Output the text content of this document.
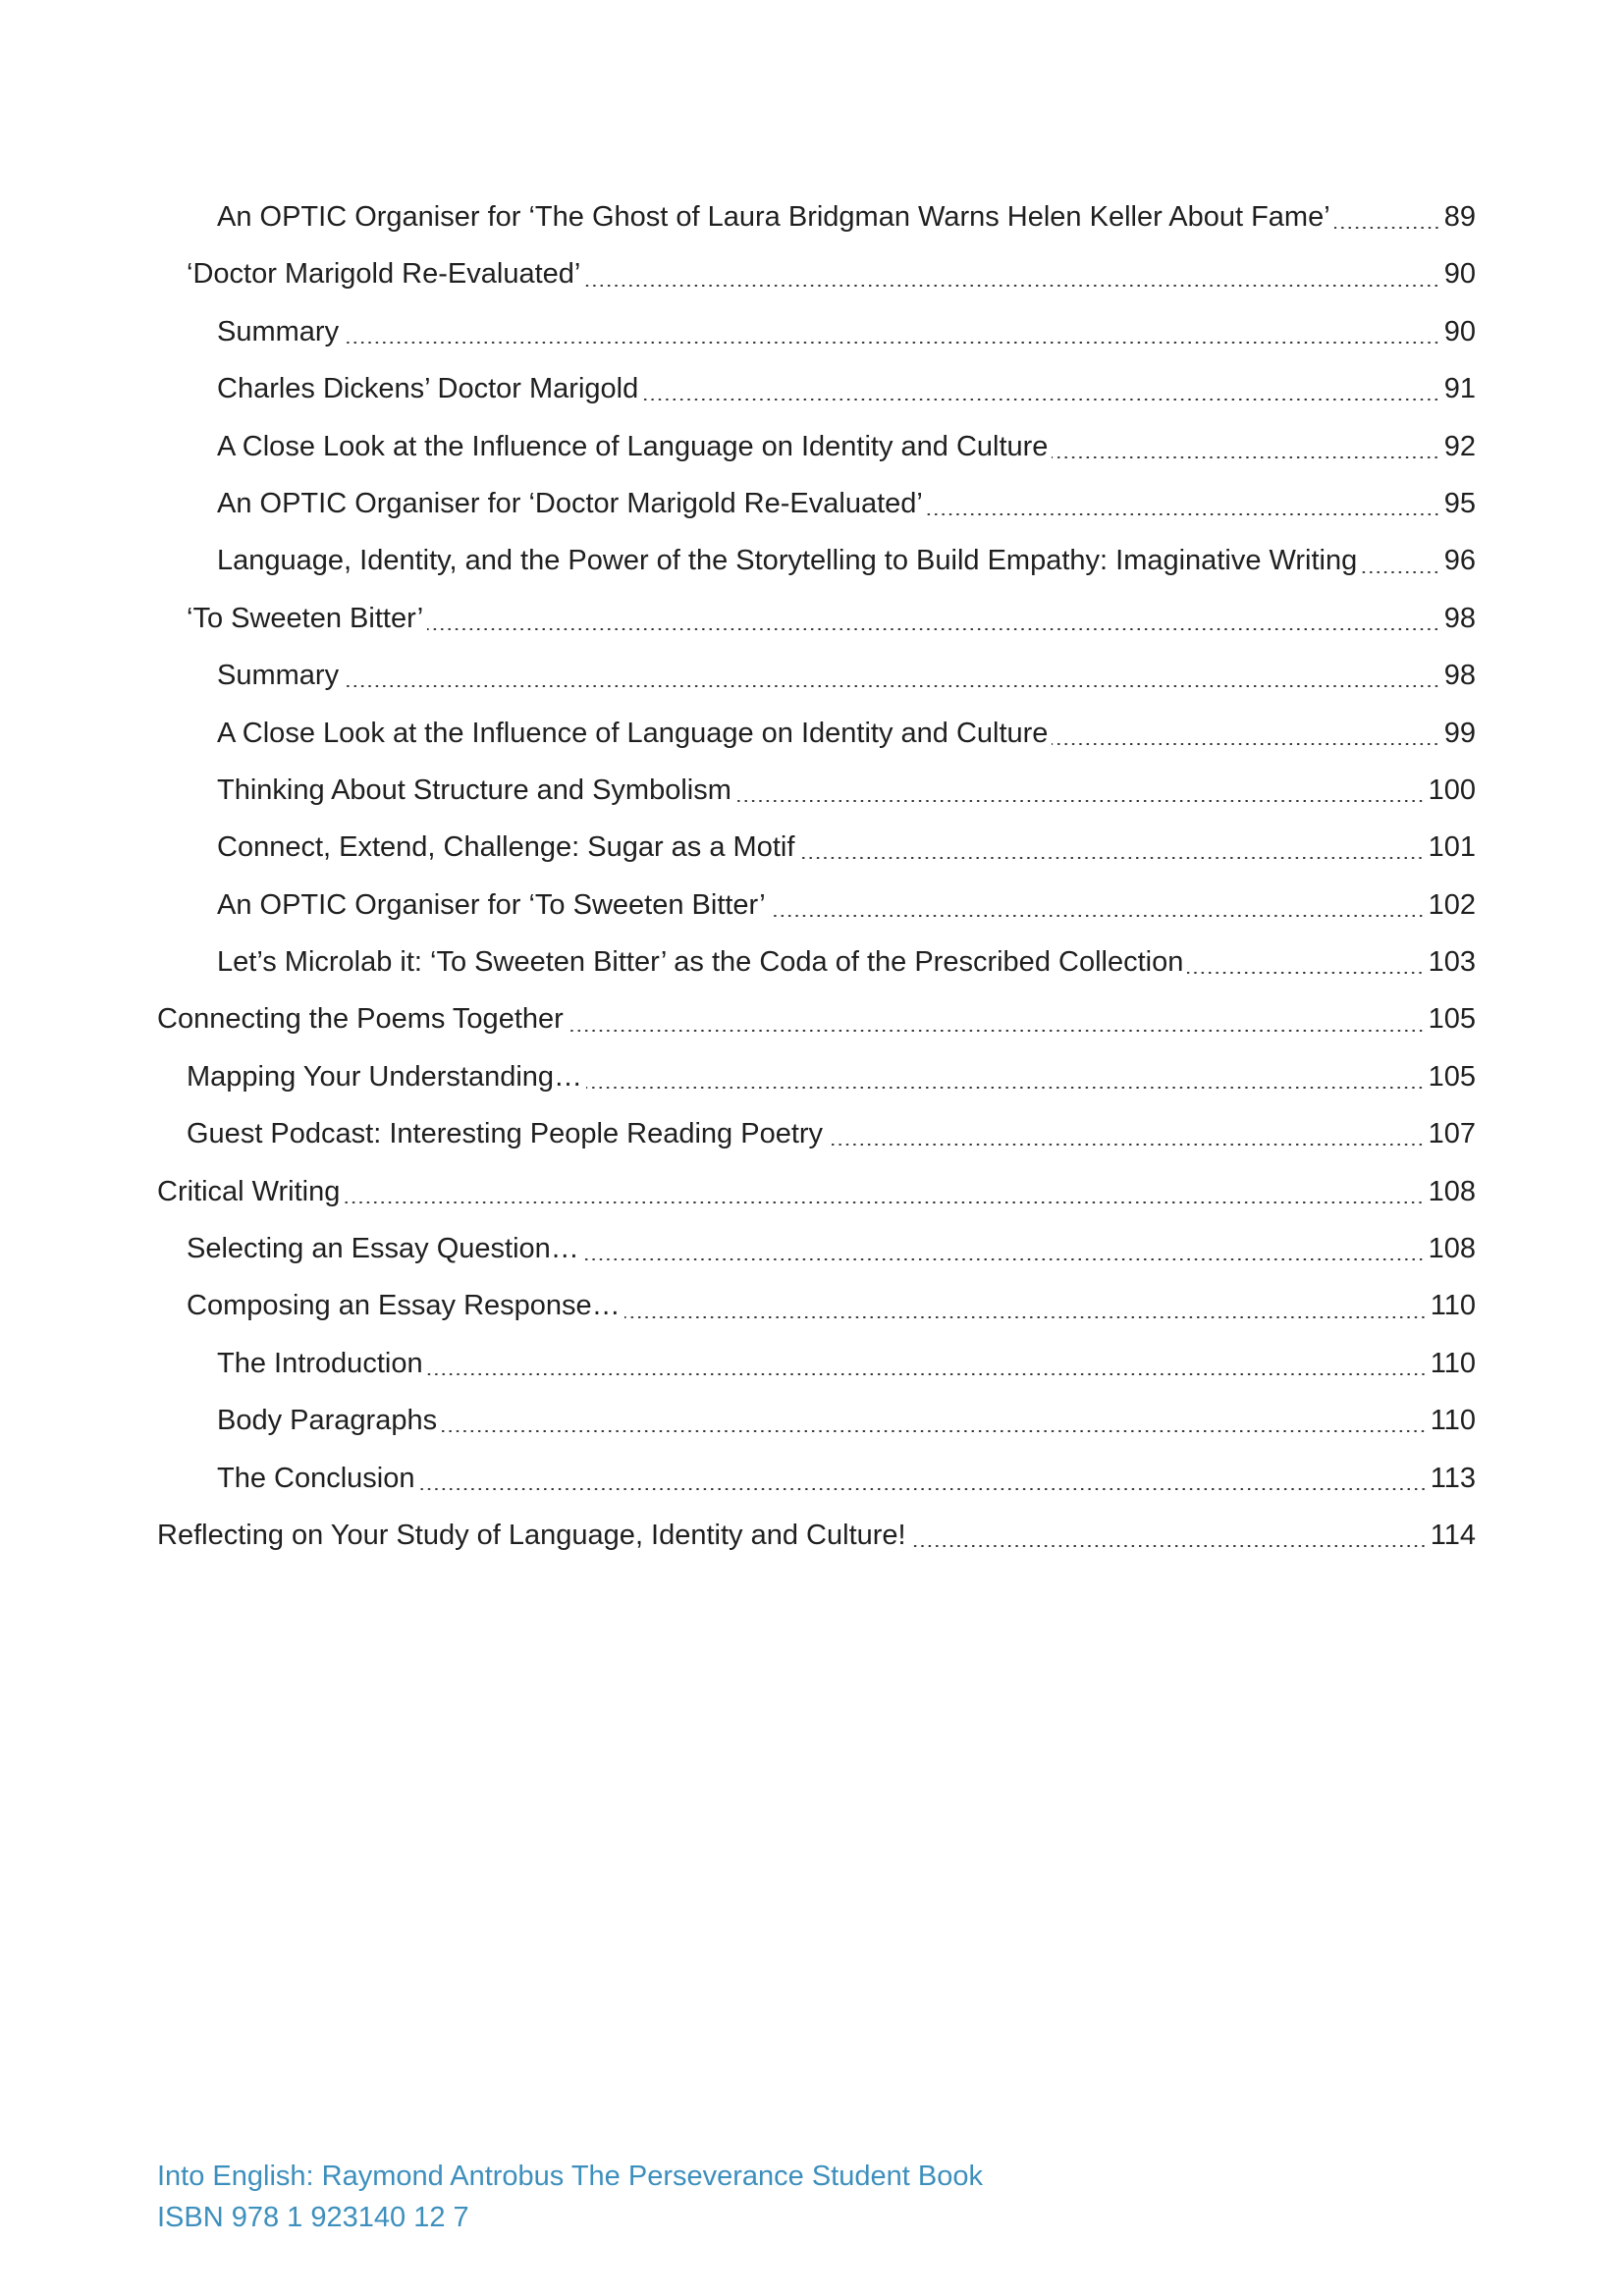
An OPTIC Organiser for ‘The Ghost of Laura Bridgman Warns Helen Keller About Fame’	89
‘Doctor Marigold Re-Evaluated’	90
Summary	90
Charles Dickens’ Doctor Marigold	91
A Close Look at the Influence of Language on Identity and Culture	92
An OPTIC Organiser for ‘Doctor Marigold Re-Evaluated’	95
Language, Identity, and the Power of the Storytelling to Build Empathy: Imaginative Writing	96
‘To Sweeten Bitter’	98
Summary	98
A Close Look at the Influence of Language on Identity and Culture	99
Thinking About Structure and Symbolism	100
Connect, Extend, Challenge: Sugar as a Motif	101
An OPTIC Organiser for ‘To Sweeten Bitter’	102
Let’s Microlab it: ‘To Sweeten Bitter’ as the Coda of the Prescribed Collection	103
Connecting the Poems Together	105
Mapping Your Understanding…	105
Guest Podcast: Interesting People Reading Poetry	107
Critical Writing	108
Selecting an Essay Question…	108
Composing an Essay Response…	110
The Introduction	110
Body Paragraphs	110
The Conclusion	113
Reflecting on Your Study of Language, Identity and Culture!	114
Into English: Raymond Antrobus The Perseverance Student Book
ISBN 978 1 923140 12 7
